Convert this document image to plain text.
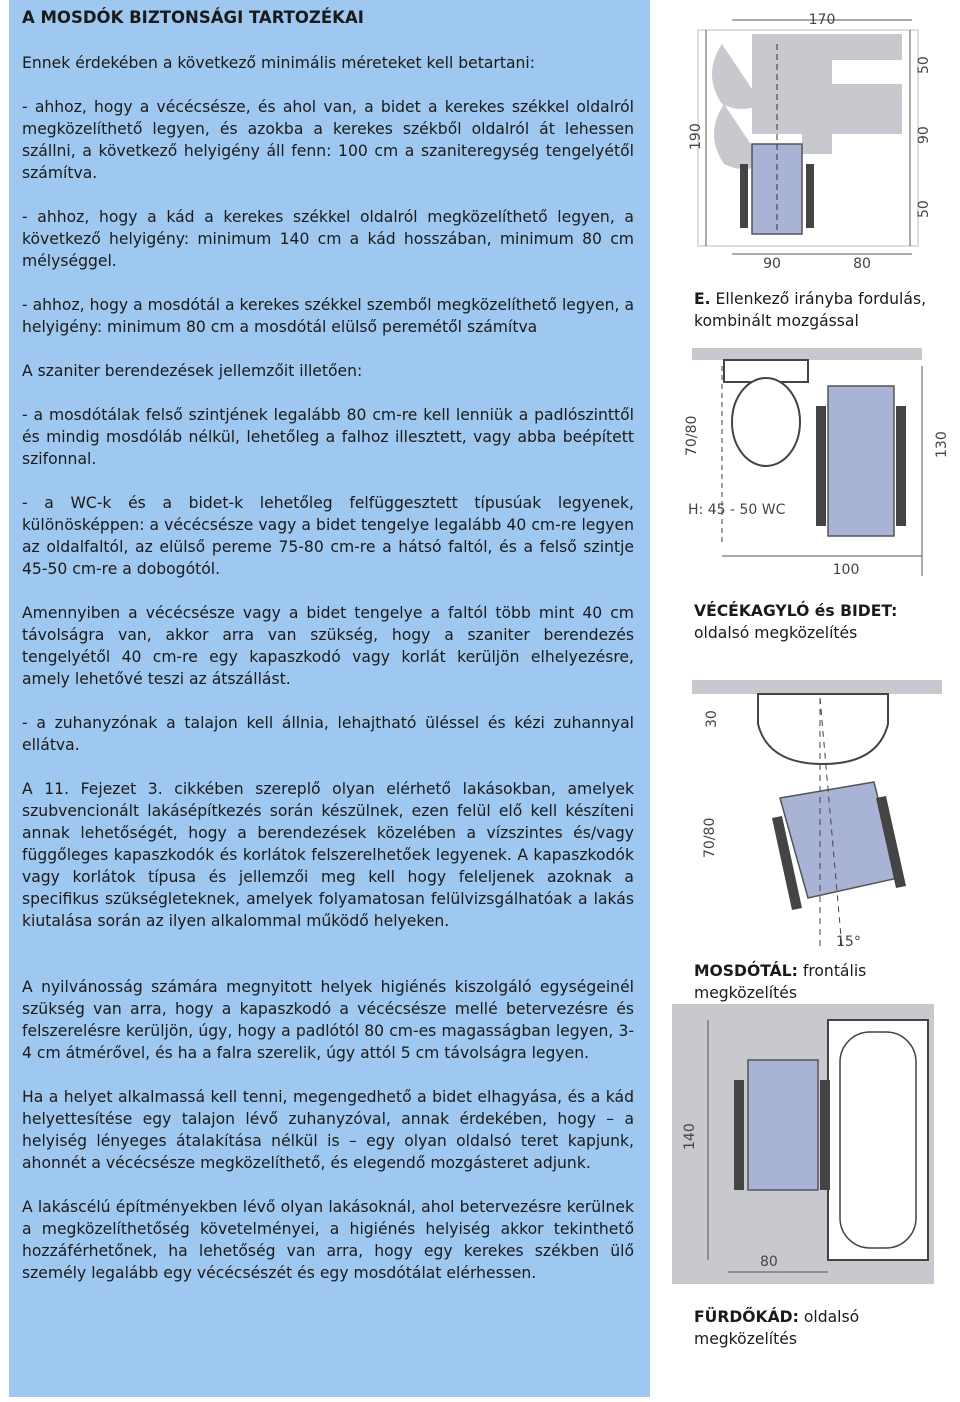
A MOSDÓK BIZTONSÁGI TARTOZÉKAI

Ennek érdekében a következő minimális méreteket kell betartani:

- ahhoz, hogy a vécécsésze, és ahol van, a bidet a kerekes székkel oldalról megközelíthető legyen, és azokba a kerekes székből oldalról át lehessen szállni, a következő helyigény áll fenn: 100 cm a szaniteregység tengelyétől számítva.

- ahhoz, hogy a kád a kerekes székkel oldalról megközelíthető legyen, a következő helyigény: minimum 140 cm a kád hosszában, minimum 80 cm mélységgel.

- ahhoz, hogy a mosdótál a kerekes székkel szemből megközelíthető legyen, a helyigény: minimum 80 cm a mosdótál elülső peremétől számítva

A szaniter berendezések jellemzőit illetően:

- a mosdótálak felső szintjének legalább 80 cm-re kell lenniük a padlószinttől és mindig mosdóláb nélkül, lehetőleg a falhoz illesztett, vagy abba beépített szifonnal.

- a WC-k és a bidet-k lehetőleg felfüggesztett típusúak legyenek, különösképpen: a vécécsésze vagy a bidet tengelye legalább 40 cm-re legyen az oldalfaltól, az elülső pereme 75-80 cm-re a hátsó faltól, és a felső szintje 45-50 cm-re a dobogótól.

Amennyiben a vécécsésze vagy a bidet tengelye a faltól több mint 40 cm távolságra van, akkor arra van szükség, hogy a szaniter berendezés tengelyétől 40 cm-re egy kapaszkodó vagy korlát kerüljön elhelyezésre, amely lehetővé teszi az átszállást.

- a zuhanyzónak a talajon kell állnia, lehajtható üléssel és kézi zuhannyal ellátva.

A 11. Fejezet 3. cikkében szereplő olyan elérhető lakásokban, amelyek szubvencionált lakásépítkezés során készülnek, ezen felül elő kell készíteni annak lehetőségét, hogy a berendezések közelében a vízszintes és/vagy függőleges kapaszkodók és korlátok felszerelhetőek legyenek. A kapaszkodók vagy korlátok típusa és jellemzői meg kell hogy feleljenek azoknak a specifikus szükségleteknek, amelyek folyamatosan felülvizsgálhatóak a lakás kiutalása során az ilyen alkalommal működő helyeken.

A nyilvánosság számára megnyitott helyek higiénés kiszolgáló egységeinél szükség van arra, hogy a kapaszkodó a vécécsésze mellé betervezésre és felszerelésre kerüljön, úgy, hogy a padlótól 80 cm-es magasságban legyen, 3-4 cm átmérővel, és ha a falra szerelik, úgy attól 5 cm távolságra legyen.

Ha a helyet alkalmassá kell tenni, megengedhető a bidet elhagyása, és a kád helyettesítése egy talajon lévő zuhanyzóval, annak érdekében, hogy – a helyiség lényeges átalakítása nélkül is – egy olyan oldalsó teret kapjunk, ahonnét a vécécsésze megközelíthető, és elegendő mozgásteret adjunk.

A lakáscélú építményekben lévő olyan lakásoknál, ahol betervezésre kerülnek a megközelíthetőség követelményei, a higiénés helyiség akkor tekinthető hozzáférhetőnek, ha lehetőség van arra, hogy egy kerekes székben ülő személy legalább egy vécécsészét és egy mosdótálat elérhessen.

170
190
50
90
50
90	80
E. Ellenkező irányba fordulás, kombinált mozgással
70/80	130
H: 45 - 50 WC
100
VÉCÉKAGYLÓ és BIDET:
oldalsó megközelítés
30
70/80
15°
MOSDÓTÁL: frontális megközelítés
140
80
FÜRDŐKÁD: oldalsó megközelítés
